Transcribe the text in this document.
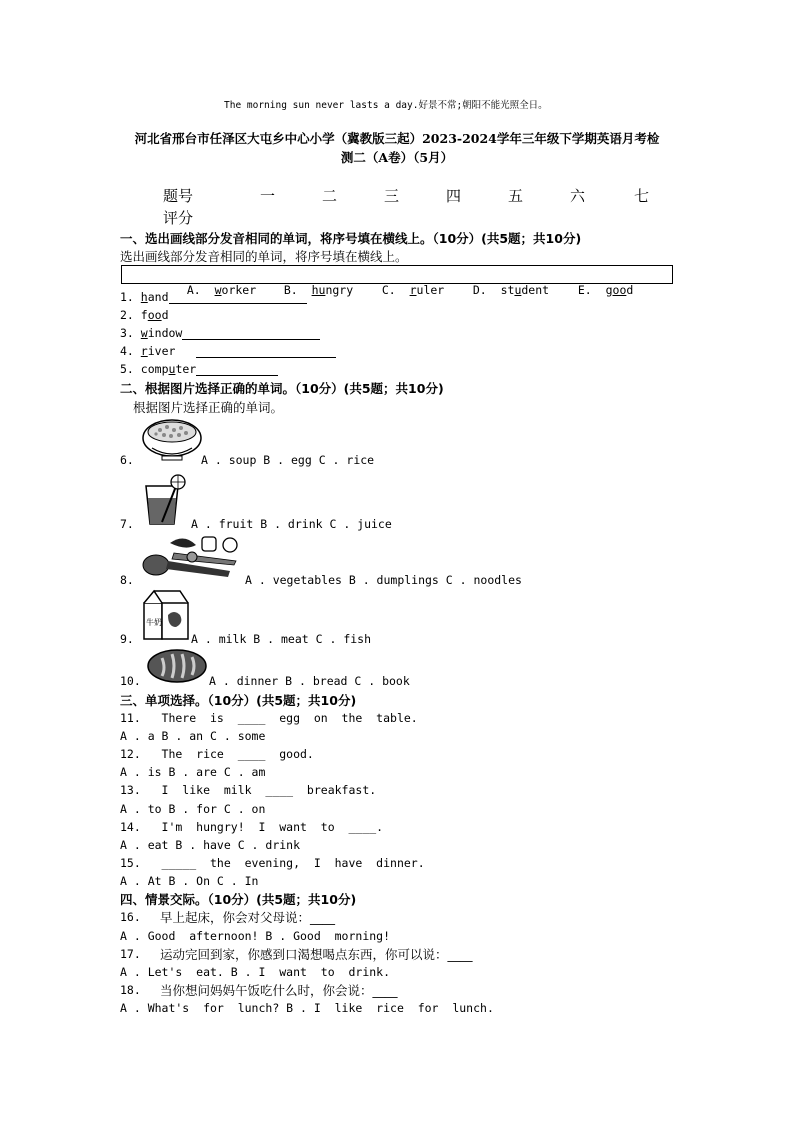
The morning sun never lasts a day.好景不常;朝阳不能光照全日。
河北省邢台市任泽区大屯乡中心小学（冀教版三起）2023-2024学年三年级下学期英语月考检
测二（A卷）（5月）
题号	一	二	三	四	五	六	七
评分
一、选出画线部分发音相同的单词，将序号填在横线上。（10分）(共5题；共10分)
选出画线部分发音相同的单词，将序号填在横线上。

A. worker	B. hungry	C. ruler	D. student	E. good

1. hand
2. food
3. window
4. river
5. computer
二、根据图片选择正确的单词。（10分）(共5题；共10分)
根据图片选择正确的单词。
6.	A . soup B . egg C . rice
7.	A . fruit B . drink C . juice
8.	A . vegetables B . dumplings C . noodles
牛奶
9.	A . milk B . meat C . fish
10.	A . dinner B . bread C . book
三、单项选择。（10分）(共5题；共10分)
11.   There  is  ____  egg  on  the  table.
A . a B . an C . some
12.   The  rice  ____  good.
A . is B . are C . am
13.   I  like  milk  ____  breakfast.
A . to B . for C . on
14.   I'm  hungry!  I  want  to  ____.
A . eat B . have C . drink
15.   _____  the  evening,  I  have  dinner.
A . At B . On C . In
四、情景交际。（10分）(共5题；共10分)
16. 早上起床，你会对父母说：____
A . Good  afternoon! B . Good  morning!
17. 运动完回到家，你感到口渴想喝点东西，你可以说：____
A . Let's  eat. B . I  want  to  drink.
18. 当你想问妈妈午饭吃什么时，你会说：____
A . What's  for  lunch? B . I  like  rice  for  lunch.
